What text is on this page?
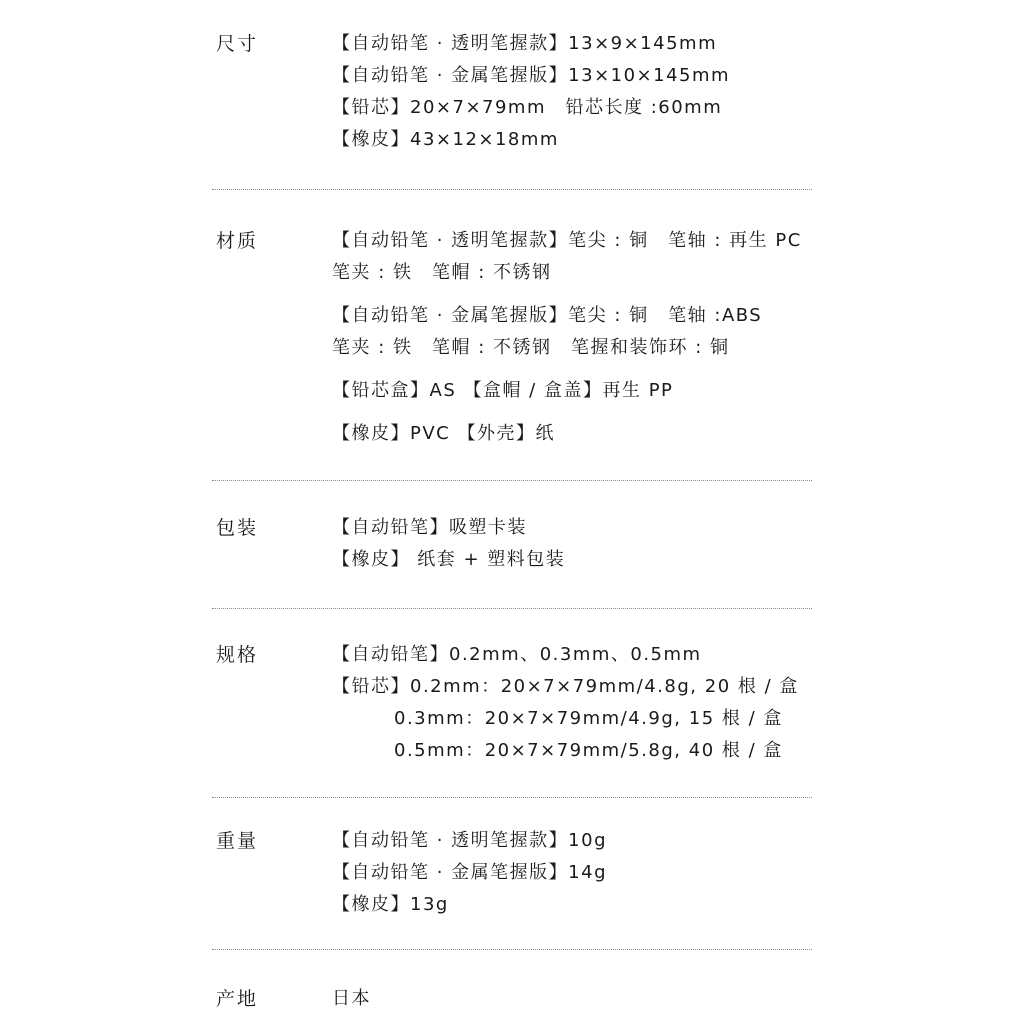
尺寸	【自动铅笔 · 透明笔握款】13×9×145mm
【自动铅笔 · 金属笔握版】13×10×145mm
【铅芯】20×7×79mm　铅芯长度 :60mm
【橡皮】43×12×18mm
材质	【自动铅笔 · 透明笔握款】笔尖 : 铜　笔轴 : 再生 PC
笔夹 : 铁　笔帽 : 不锈钢
【自动铅笔 · 金属笔握版】笔尖 : 铜　笔轴 :ABS
笔夹 : 铁　笔帽 : 不锈钢　笔握和装饰环 : 铜
【铅芯盒】AS 【盒帽 / 盒盖】再生 PP
【橡皮】PVC 【外壳】纸
包装	【自动铅笔】吸塑卡装
【橡皮】 纸套 + 塑料包装
规格	【自动铅笔】0.2mm、0.3mm、0.5mm
【铅芯】0.2mm：20×7×79mm/4.8g, 20 根 / 盒
0.3mm：20×7×79mm/4.9g, 15 根 / 盒
0.5mm：20×7×79mm/5.8g, 40 根 / 盒
重量	【自动铅笔 · 透明笔握款】10g
【自动铅笔 · 金属笔握版】14g
【橡皮】13g
产地	日本
